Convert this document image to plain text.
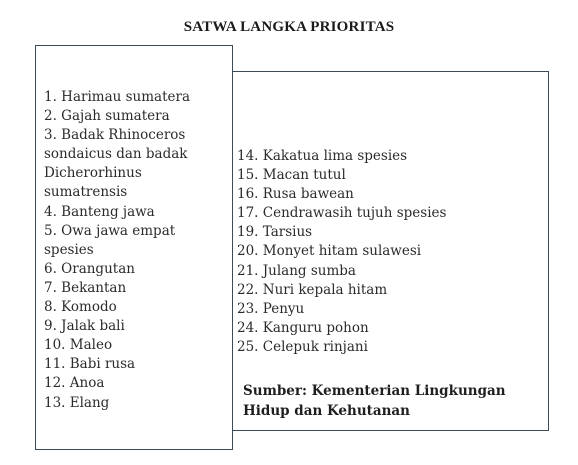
SATWA LANGKA PRIORITAS
14. Kakatua lima spesies
15. Macan tutul
16. Rusa bawean
17. Cendrawasih tujuh spesies
19. Tarsius
20. Monyet hitam sulawesi
21. Julang sumba
22. Nuri kepala hitam
23. Penyu
24. Kanguru pohon
25. Celepuk rinjani
Sumber: Kementerian Lingkungan
Hidup dan Kehutanan
1. Harimau sumatera
2. Gajah sumatera
3. Badak Rhinoceros sondaicus dan badak Dicherorhinus sumatrensis
4. Banteng jawa
5. Owa jawa empat spesies
6. Orangutan
7. Bekantan
8. Komodo
9. Jalak bali
10. Maleo
11. Babi rusa
12. Anoa
13. Elang
